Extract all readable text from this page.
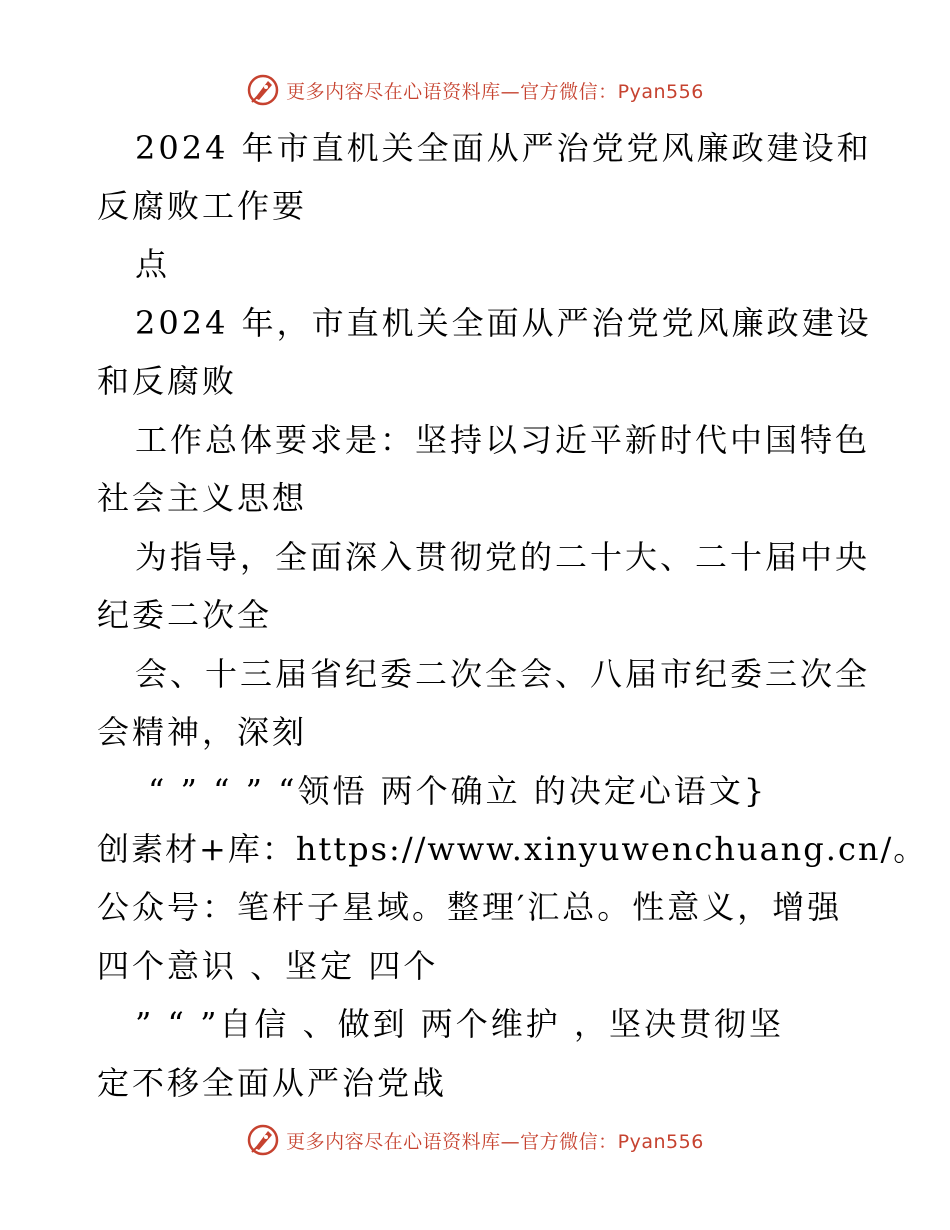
更多内容尽在心语资料库—官方微信：Pyan556
2024 年市直机关全面从严治党党风廉政建设和
反腐败工作要
点
2024 年，市直机关全面从严治党党风廉政建设
和反腐败
工作总体要求是：坚持以习近平新时代中国特色
社会主义思想
为指导，全面深入贯彻党的二十大、二十届中央
纪委二次全
会、十三届省纪委二次全会、八届市纪委三次全
会精神，深刻
“ ” “ ” “领悟 两个确立 的决定心语文}
创素材+库：https://www.xinyuwenchuang.cn/。
公众号：笔杆子星域。整理′汇总。性意义，增强
四个意识 、坚定 四个
” “ ”自信 、做到 两个维护 ，坚决贯彻坚
定不移全面从严治党战
更多内容尽在心语资料库—官方微信：Pyan556
